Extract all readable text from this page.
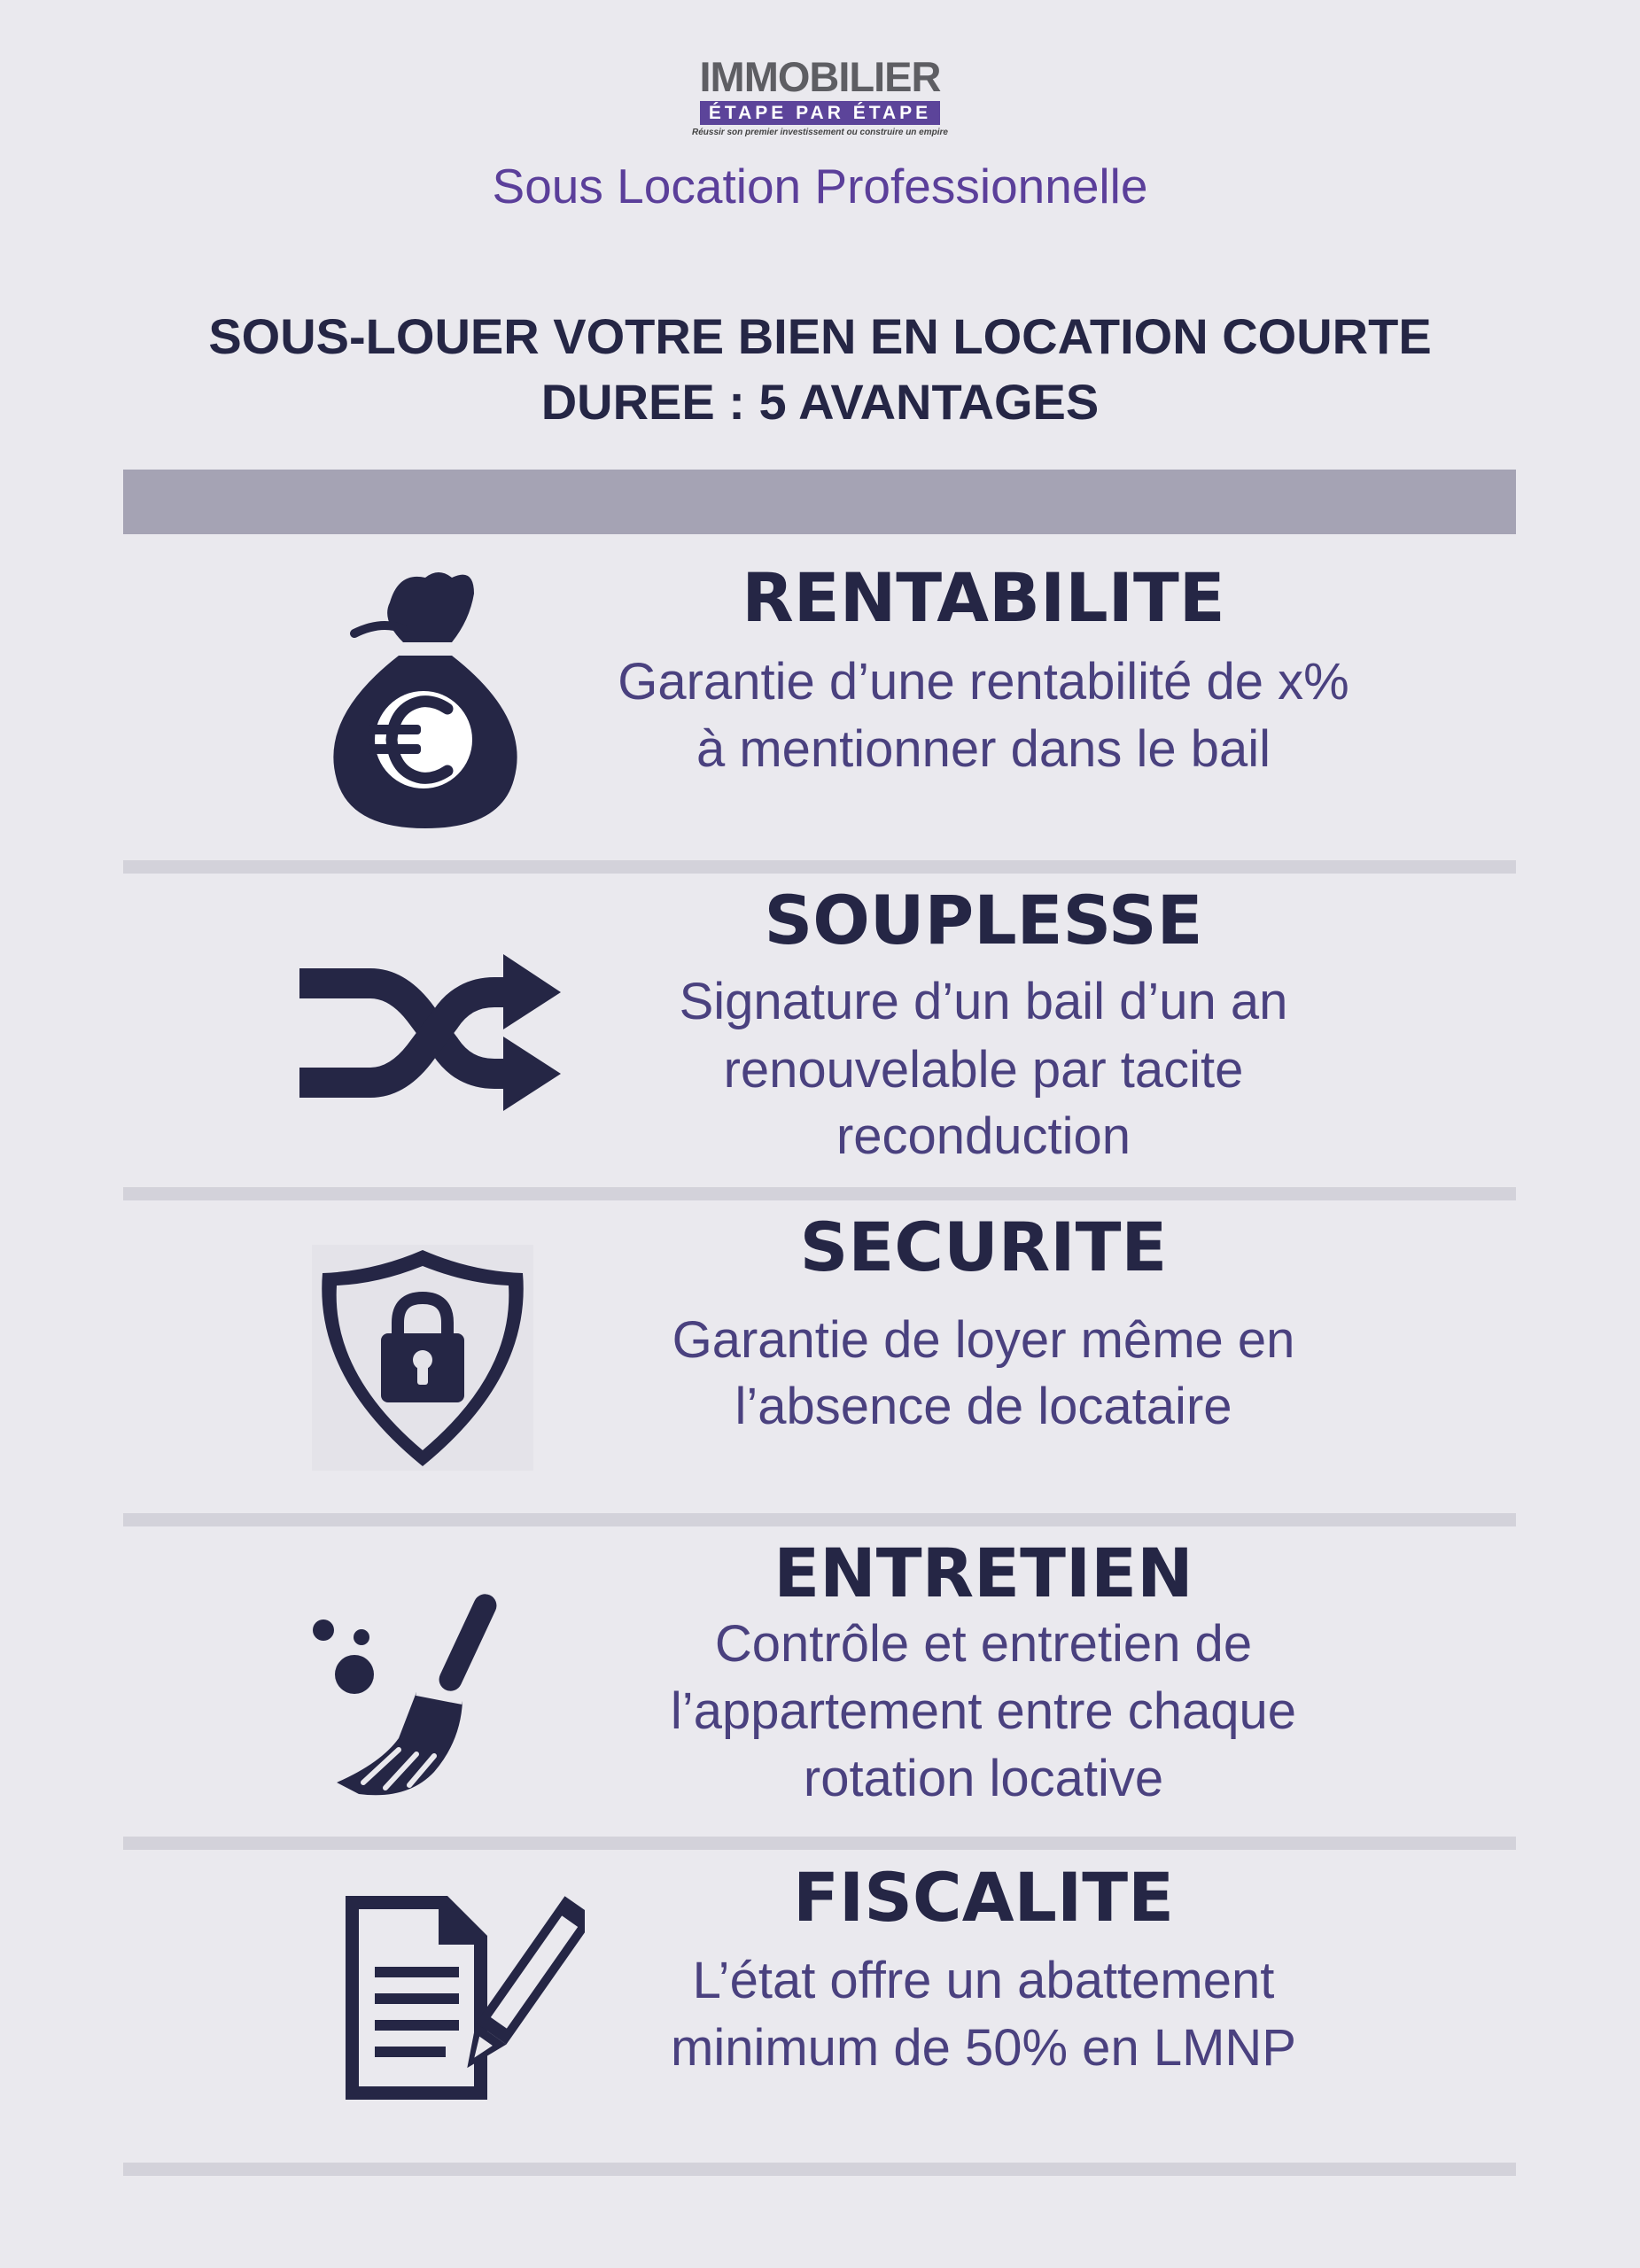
IMMOBILIER
ÉTAPE PAR ÉTAPE
Réussir son premier investissement ou construire un empire
Sous Location Professionnelle
SOUS-LOUER VOTRE BIEN EN LOCATION COURTE
DUREE : 5 AVANTAGES
RENTABILITE
Garantie d’une rentabilité de x%
à mentionner dans le bail
SOUPLESSE
Signature d’un bail d’un an
renouvelable par tacite
reconduction
SECURITE
Garantie de loyer même en
l’absence de locataire
ENTRETIEN
Contrôle et entretien de
l’appartement entre chaque
rotation locative
FISCALITE
L’état offre un abattement
minimum de 50% en LMNP
